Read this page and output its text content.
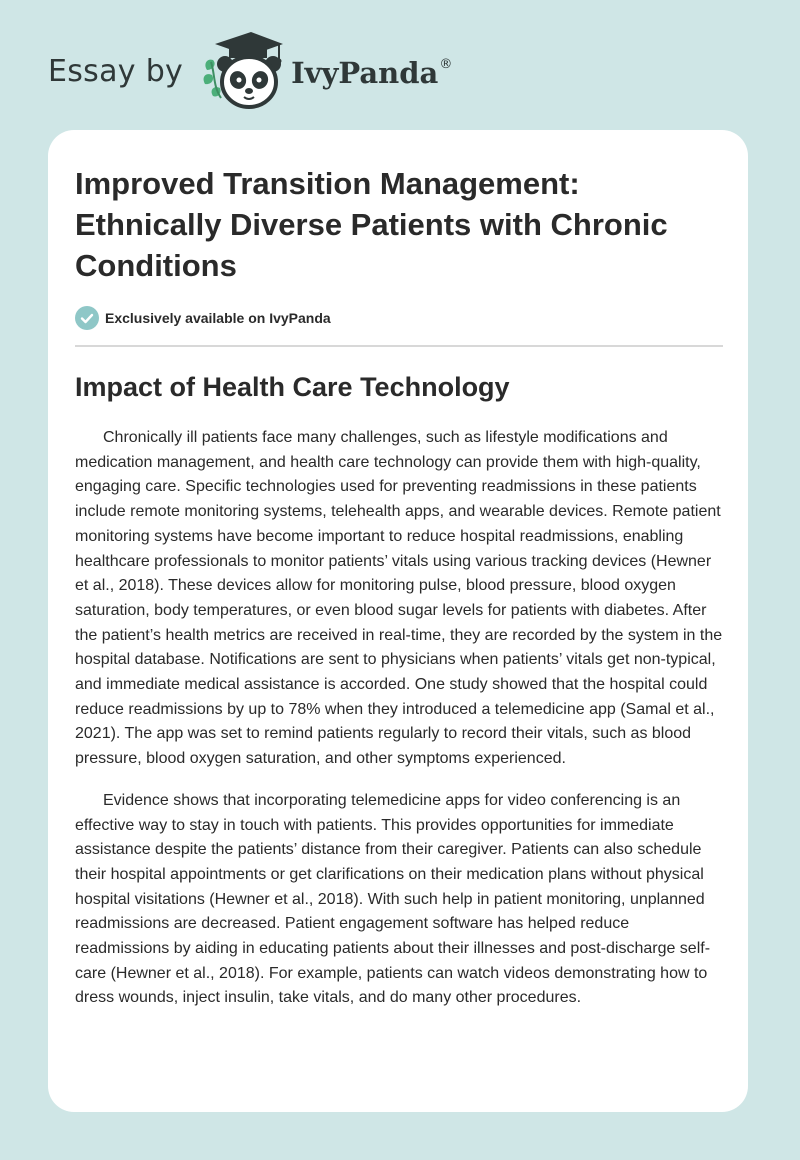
Essay by	IvyPanda ®
Improved Transition Management: Ethnically Diverse Patients with Chronic Conditions
Exclusively available on IvyPanda
Impact of Health Care Technology

Chronically ill patients face many challenges, such as lifestyle modifications and medication management, and health care technology can provide them with high-quality, engaging care. Specific technologies used for preventing readmissions in these patients include remote monitoring systems, telehealth apps, and wearable devices. Remote patient monitoring systems have become important to reduce hospital readmissions, enabling healthcare professionals to monitor patients’ vitals using various tracking devices (Hewner et al., 2018). These devices allow for monitoring pulse, blood pressure, blood oxygen saturation, body temperatures, or even blood sugar levels for patients with diabetes. After the patient’s health metrics are received in real-time, they are recorded by the system in the hospital database. Notifications are sent to physicians when patients’ vitals get non-typical, and immediate medical assistance is accorded. One study showed that the hospital could reduce readmissions by up to 78% when they introduced a telemedicine app (Samal et al., 2021). The app was set to remind patients regularly to record their vitals, such as blood pressure, blood oxygen saturation, and other symptoms experienced.

Evidence shows that incorporating telemedicine apps for video conferencing is an effective way to stay in touch with patients. This provides opportunities for immediate assistance despite the patients’ distance from their caregiver. Patients can also schedule their hospital appointments or get clarifications on their medication plans without physical hospital visitations (Hewner et al., 2018). With such help in patient monitoring, unplanned readmissions are decreased. Patient engagement software has helped reduce readmissions by aiding in educating patients about their illnesses and post-discharge self-care (Hewner et al., 2018). For example, patients can watch videos demonstrating how to dress wounds, inject insulin, take vitals, and do many other procedures.
